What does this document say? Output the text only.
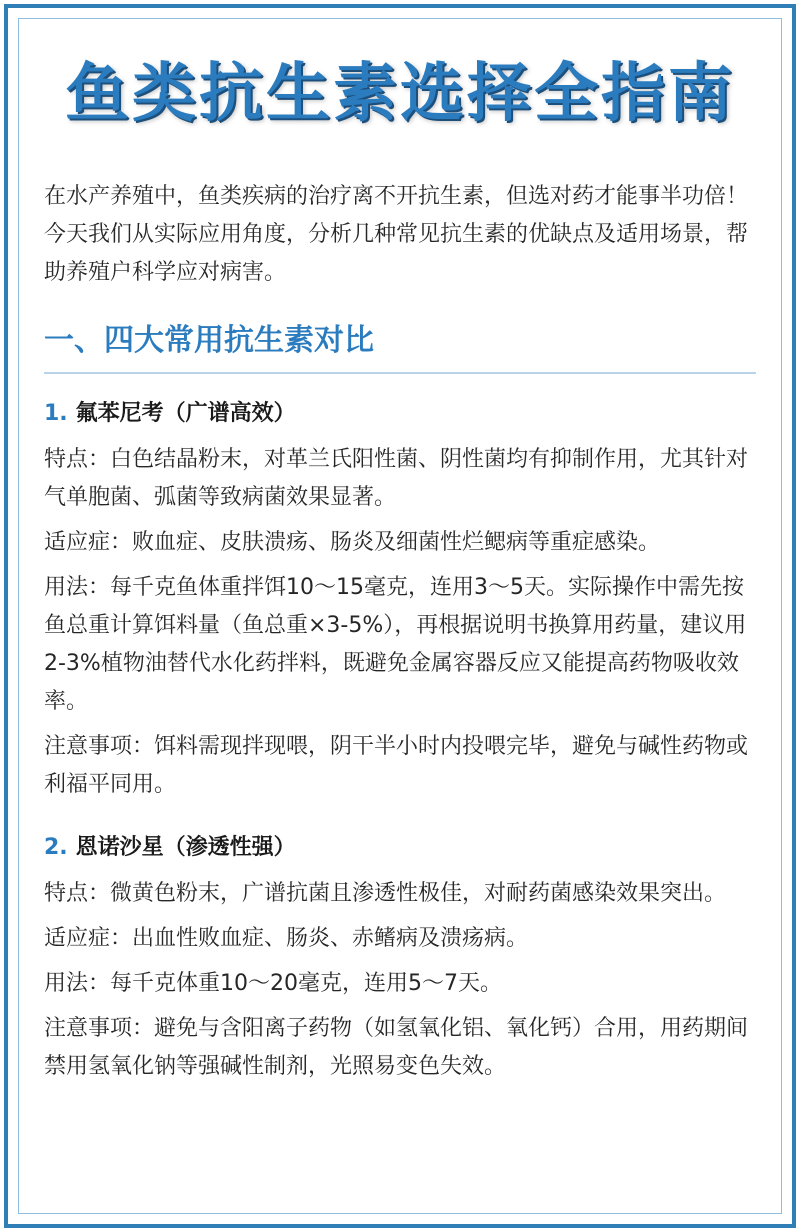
鱼类抗生素选择全指南

在水产养殖中，鱼类疾病的治疗离不开抗生素，但选对药才能事半功倍！今天我们从实际应用角度，分析几种常见抗生素的优缺点及适用场景，帮助养殖户科学应对病害。

一、四大常用抗生素对比
1. 氟苯尼考（广谱高效）

特点：白色结晶粉末，对革兰氏阳性菌、阴性菌均有抑制作用，尤其针对气单胞菌、弧菌等致病菌效果显著。

适应症：败血症、皮肤溃疡、肠炎及细菌性烂鳃病等重症感染。

用法：每千克鱼体重拌饵10～15毫克，连用3～5天。实际操作中需先按鱼总重计算饵料量（鱼总重×3-5%），再根据说明书换算用药量，建议用2-3%植物油替代水化药拌料，既避免金属容器反应又能提高药物吸收效率。

注意事项：饵料需现拌现喂，阴干半小时内投喂完毕，避免与碱性药物或利福平同用。

2. 恩诺沙星（渗透性强）

特点：微黄色粉末，广谱抗菌且渗透性极佳，对耐药菌感染效果突出。

适应症：出血性败血症、肠炎、赤鳍病及溃疡病。

用法：每千克体重10～20毫克，连用5～7天。

注意事项：避免与含阳离子药物（如氢氧化铝、氧化钙）合用，用药期间禁用氢氧化钠等强碱性制剂，光照易变色失效。
